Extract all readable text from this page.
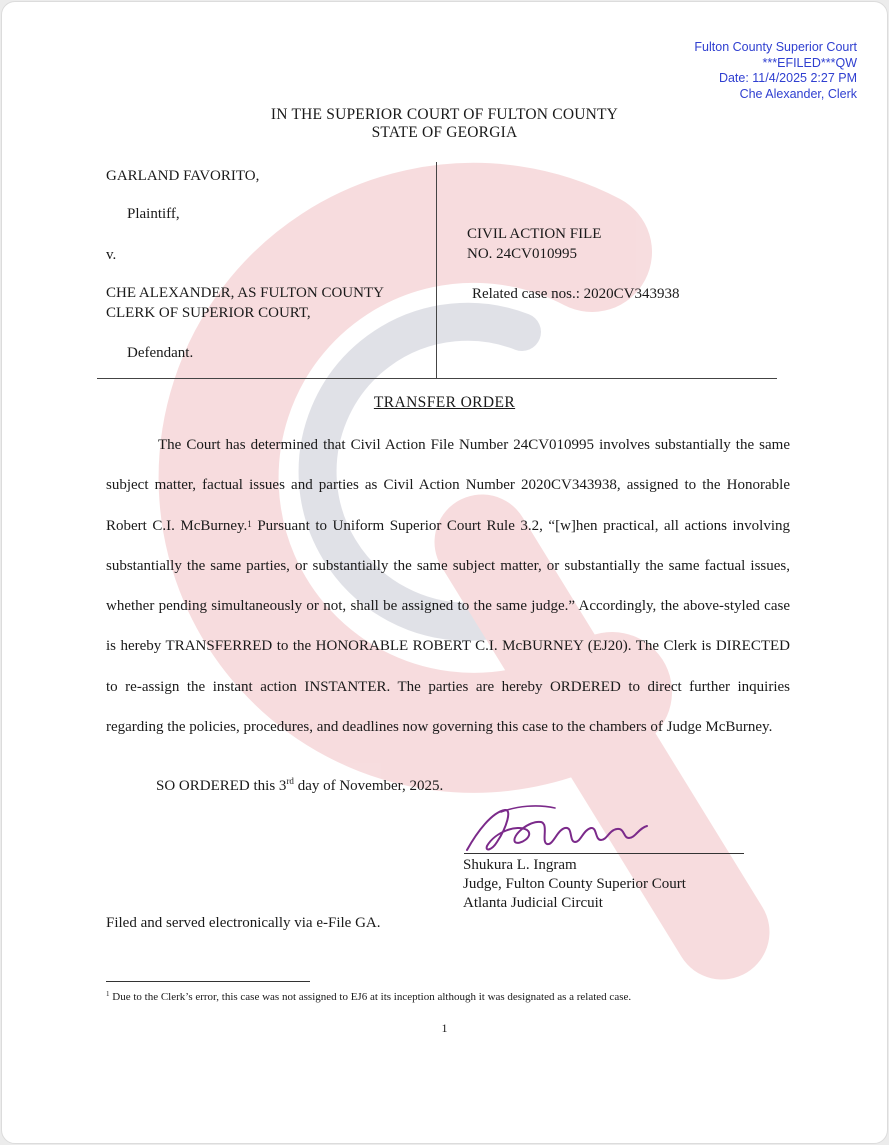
Fulton County Superior Court
***EFILED***QW
Date: 11/4/2025 2:27 PM
Che Alexander, Clerk
IN THE SUPERIOR COURT OF FULTON COUNTY
STATE OF GEORGIA
GARLAND FAVORITO,
Plaintiff,
v.
CHE ALEXANDER, AS FULTON COUNTY
CLERK OF SUPERIOR COURT,
Defendant.
CIVIL ACTION FILE
NO. 24CV010995
Related case nos.: 2020CV343938
TRANSFER ORDER

The Court has determined that Civil Action File Number 24CV010995 involves substantially the same subject matter, factual issues and parties as Civil Action Number 2020CV343938, assigned to the Honorable Robert C.I. McBurney.$^1$ Pursuant to Uniform Superior Court Rule 3.2, “[w]hen practical, all actions involving substantially the same parties, or substantially the same subject matter, or substantially the same factual issues, whether pending simultaneously or not, shall be assigned to the same judge.” Accordingly, the above-styled case is hereby TRANSFERRED to the HONORABLE ROBERT C.I. McBURNEY (EJ20). The Clerk is DIRECTED to re-assign the instant action INSTANTER. The parties are hereby ORDERED to direct further inquiries regarding the policies, procedures, and deadlines now governing this case to the chambers of Judge McBurney.

SO ORDERED this 3rd day of November, 2025.
Shukura L. Ingram
Judge, Fulton County Superior Court
Atlanta Judicial Circuit
Filed and served electronically via e-File GA.
$^1$ Due to the Clerk’s error, this case was not assigned to EJ6 at its inception although it was designated as a related case.
1
